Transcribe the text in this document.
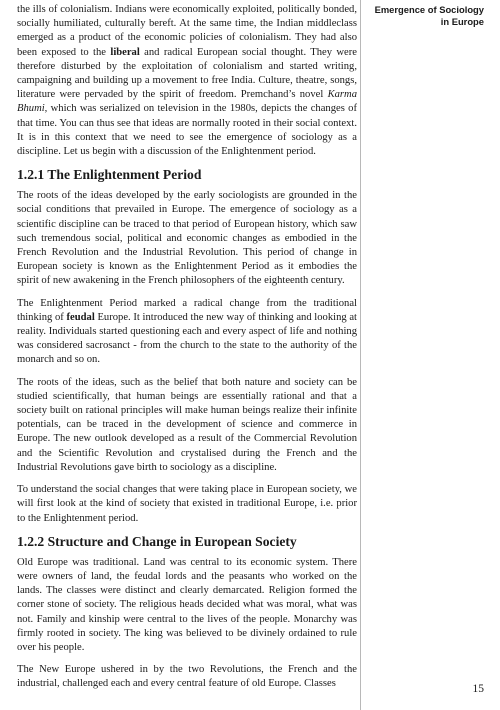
the ills of colonialism. Indians were economically exploited, politically bonded, socially humiliated, culturally bereft. At the same time, the Indian middleclass emerged as a product of the economic policies of colonialism. They had also been exposed to the liberal and radical European social thought. They were therefore disturbed by the exploitation of colonialism and started writing, campaigning and building up a movement to free India. Culture, theatre, songs, literature were pervaded by the spirit of freedom. Premchand’s novel Karma Bhumi, which was serialized on television in the 1980s, depicts the changes of that time. You can thus see that ideas are normally rooted in their social context. It is in this context that we need to see the emergence of sociology as a discipline. Let us begin with a discussion of the Enlightenment period.

1.2.1 The Enlightenment Period

The roots of the ideas developed by the early sociologists are grounded in the social conditions that prevailed in Europe. The emergence of sociology as a scientific discipline can be traced to that period of European history, which saw such tremendous social, political and economic changes as embodied in the French Revolution and the Industrial Revolution. This period of change in European society is known as the Enlightenment Period as it embodies the spirit of new awakening in the French philosophers of the eighteenth century.

The Enlightenment Period marked a radical change from the traditional thinking of feudal Europe. It introduced the new way of thinking and looking at reality. Individuals started questioning each and every aspect of life and nothing was considered sacrosanct - from the church to the state to the authority of the monarch and so on.

The roots of the ideas, such as the belief that both nature and society can be studied scientifically, that human beings are essentially rational and that a society built on rational principles will make human beings realize their infinite potentials, can be traced in the development of science and commerce in Europe. The new outlook developed as a result of the Commercial Revolution and the Scientific Revolution and crystalised during the French and the Industrial Revolutions gave birth to sociology as a discipline.

To understand the social changes that were taking place in European society, we will first look at the kind of society that existed in traditional Europe, i.e. prior to the Enlightenment period.

1.2.2 Structure and Change in European Society

Old Europe was traditional. Land was central to its economic system. There were owners of land, the feudal lords and the peasants who worked on the lands. The classes were distinct and clearly demarcated. Religion formed the corner stone of society. The religious heads decided what was moral, what was not. Family and kinship were central to the lives of the people. Monarchy was firmly rooted in society. The king was believed to be divinely ordained to rule over his people.

The New Europe ushered in by the two Revolutions, the French and the industrial, challenged each and every central feature of old Europe. Classes

Emergence of Sociology
in Europe
15
